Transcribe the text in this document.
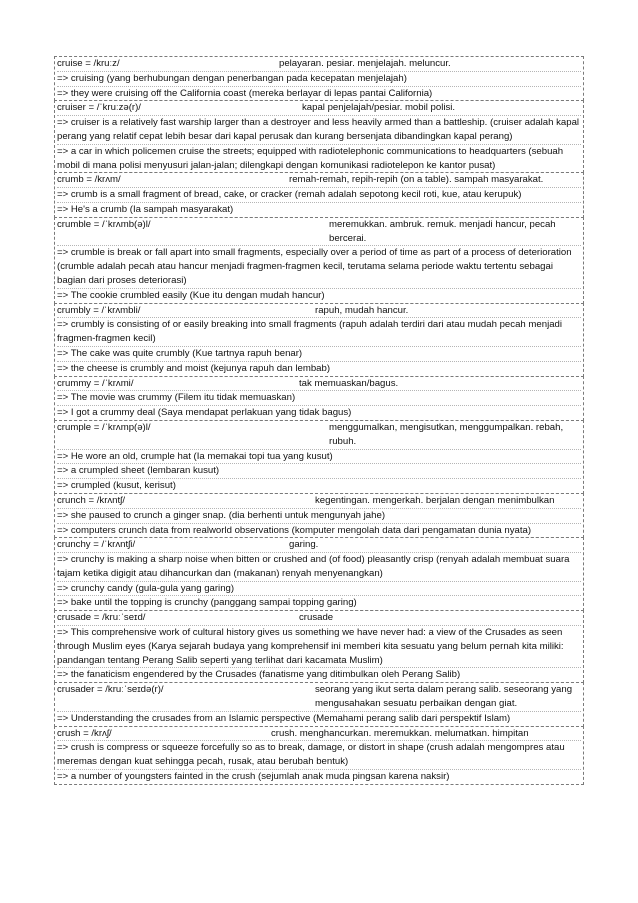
cruise = /kruːz/	pelayaran. pesiar. menjelajah. meluncur.
=> cruising (yang berhubungan dengan penerbangan pada kecepatan menjelajah)
=> they were cruising off the California coast (mereka berlayar di lepas pantai California)
cruiser = /ˈkruːzə(r)/	kapal penjelajah/pesiar. mobil polisi.
=> cruiser is a relatively fast warship larger than a destroyer and less heavily armed than a battleship. (cruiser adalah kapal perang yang relatif cepat lebih besar dari kapal perusak dan kurang bersenjata dibandingkan kapal perang)
=> a car in which policemen cruise the streets; equipped with radiotelephonic communications to headquarters (sebuah mobil di mana polisi menyusuri jalan-jalan; dilengkapi dengan komunikasi radiotelepon ke kantor pusat)
crumb = /krʌm/	remah-remah, repih-repih (on a table). sampah masyarakat.
=> crumb is a small fragment of bread, cake, or cracker (remah adalah sepotong kecil roti, kue, atau kerupuk)
=> He's a crumb (Ia sampah masyarakat)
crumble = /ˈkrʌmb(ə)l/	meremukkan. ambruk. remuk. menjadi hancur, pecah bercerai.
=> crumble is break or fall apart into small fragments, especially over a period of time as part of a process of deterioration (crumble adalah pecah atau hancur menjadi fragmen-fragmen kecil, terutama selama periode waktu tertentu sebagai bagian dari proses deteriorasi)
=> The cookie crumbled easily (Kue itu dengan mudah hancur)
crumbly = /ˈkrʌmbli/	rapuh, mudah hancur.
=> crumbly is consisting of or easily breaking into small fragments (rapuh adalah terdiri dari atau mudah pecah menjadi fragmen-fragmen kecil)
=> The cake was quite crumbly (Kue tartnya rapuh benar)
=> the cheese is crumbly and moist (kejunya rapuh dan lembab)
crummy = /ˈkrʌmi/	tak memuaskan/bagus.
=> The movie was crummy (Filem itu tidak memuaskan)
=> I got a crummy deal (Saya mendapat perlakuan yang tidak bagus)
crumple = /ˈkrʌmp(ə)l/	menggumalkan, mengisutkan, menggumpalkan. rebah, rubuh.
=> He wore an old, crumple hat (Ia memakai topi tua yang kusut)
=> a crumpled sheet (lembaran kusut)
=> crumpled (kusut, kerisut)
crunch = /krʌntʃ/	kegentingan. mengerkah. berjalan dengan menimbulkan
=> she paused to crunch a ginger snap. (dia berhenti untuk mengunyah jahe)
=> computers crunch data from realworld observations (komputer mengolah data dari pengamatan dunia nyata)
crunchy = /ˈkrʌntʃi/	garing.
=> crunchy is making a sharp noise when bitten or crushed and (of food) pleasantly crisp (renyah adalah membuat suara tajam ketika digigit atau dihancurkan dan (makanan) renyah menyenangkan)
=> crunchy candy (gula-gula yang garing)
=> bake until the topping is crunchy (panggang sampai topping garing)
crusade = /kruːˈseɪd/	crusade
=> This comprehensive work of cultural history gives us something we have never had: a view of the Crusades as seen through Muslim eyes (Karya sejarah budaya yang komprehensif ini memberi kita sesuatu yang belum pernah kita miliki: pandangan tentang Perang Salib seperti yang terlihat dari kacamata Muslim)
=> the fanaticism engendered by the Crusades (fanatisme yang ditimbulkan oleh Perang Salib)
crusader = /kruːˈseɪdə(r)/	seorang yang ikut serta dalam perang salib. seseorang yang mengusahakan sesuatu perbaikan dengan giat.
=> Understanding the crusades from an Islamic perspective (Memahami perang salib dari perspektif Islam)
crush = /krʌʃ/	crush. menghancurkan. meremukkan. melumatkan. himpitan
=> crush is compress or squeeze forcefully so as to break, damage, or distort in shape (crush adalah mengompres atau meremas dengan kuat sehingga pecah, rusak, atau berubah bentuk)
=> a number of youngsters fainted in the crush (sejumlah anak muda pingsan karena naksir)
